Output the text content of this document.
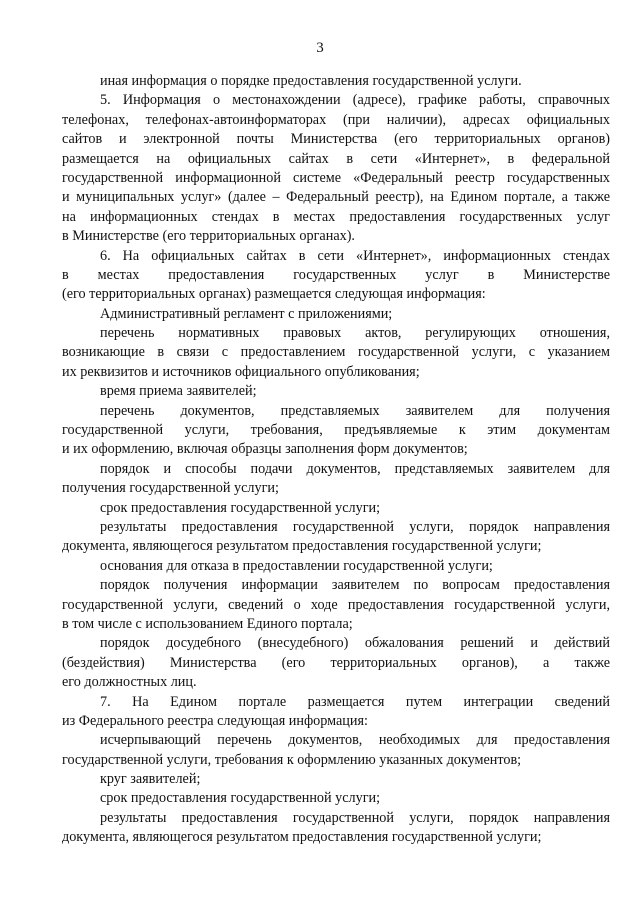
3
иная информация о порядке предоставления государственной услуги.
5. Информация о местонахождении (адресе), графике работы, справочных
телефонах, телефонах-автоинформаторах (при наличии), адресах официальных
сайтов и электронной почты Министерства (его территориальных органов)
размещается на официальных сайтах в сети «Интернет», в федеральной
государственной информационной системе «Федеральный реестр государственных
и муниципальных услуг» (далее – Федеральный реестр), на Едином портале, а также
на информационных стендах в местах предоставления государственных услуг
в Министерстве (его территориальных органах).
6. На официальных сайтах в сети «Интернет», информационных стендах
в местах предоставления государственных услуг в Министерстве
(его территориальных органах) размещается следующая информация:
Административный регламент с приложениями;
перечень нормативных правовых актов, регулирующих отношения,
возникающие в связи с предоставлением государственной услуги, с указанием
их реквизитов и источников официального опубликования;
время приема заявителей;
перечень документов, представляемых заявителем для получения
государственной услуги, требования, предъявляемые к этим документам
и их оформлению, включая образцы заполнения форм документов;
порядок и способы подачи документов, представляемых заявителем для
получения государственной услуги;
срок предоставления государственной услуги;
результаты предоставления государственной услуги, порядок направления
документа, являющегося результатом предоставления государственной услуги;
основания для отказа в предоставлении государственной услуги;
порядок получения информации заявителем по вопросам предоставления
государственной услуги, сведений о ходе предоставления государственной услуги,
в том числе с использованием Единого портала;
порядок досудебного (внесудебного) обжалования решений и действий
(бездействия) Министерства (его территориальных органов), а также
его должностных лиц.
7. На Едином портале размещается путем интеграции сведений
из Федерального реестра следующая информация:
исчерпывающий перечень документов, необходимых для предоставления
государственной услуги, требования к оформлению указанных документов;
круг заявителей;
срок предоставления государственной услуги;
результаты предоставления государственной услуги, порядок направления
документа, являющегося результатом предоставления государственной услуги;
